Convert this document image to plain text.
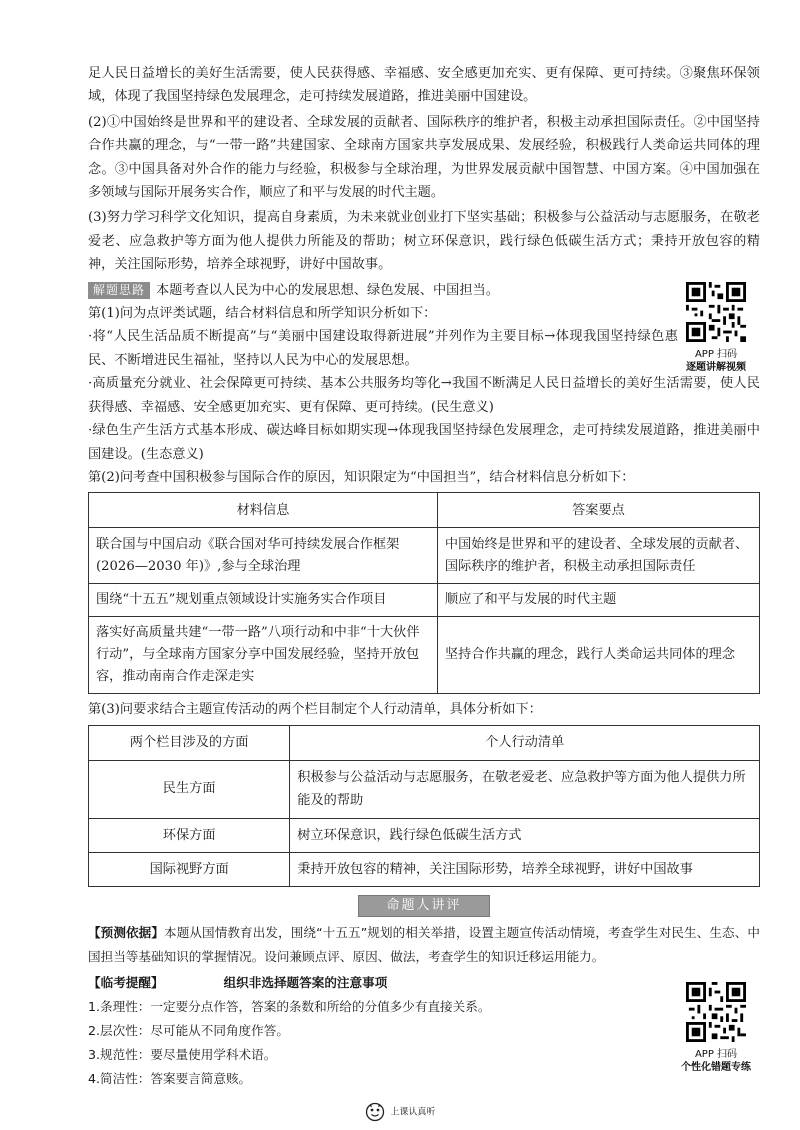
足人民日益增长的美好生活需要，使人民获得感、幸福感、安全感更加充实、更有保障、更可持续。③聚焦环保领域，体现了我国坚持绿色发展理念，走可持续发展道路，推进美丽中国建设。

(2)①中国始终是世界和平的建设者、全球发展的贡献者、国际秩序的维护者，积极主动承担国际责任。②中国坚持合作共赢的理念，与“一带一路”共建国家、全球南方国家共享发展成果、发展经验，积极践行人类命运共同体的理念。③中国具备对外合作的能力与经验，积极参与全球治理，为世界发展贡献中国智慧、中国方案。④中国加强在多领域与国际开展务实合作，顺应了和平与发展的时代主题。

(3)努力学习科学文化知识，提高自身素质，为未来就业创业打下坚实基础；积极参与公益活动与志愿服务，在敬老爱老、应急救护等方面为他人提供力所能及的帮助；树立环保意识，践行绿色低碳生活方式；秉持开放包容的精神，关注国际形势，培养全球视野，讲好中国故事。

解题思路 本题考查以人民为中心的发展思想、绿色发展、中国担当。

第(1)问为点评类试题，结合材料信息和所学知识分析如下：

·将“人民生活品质不断提高”与“美丽中国建设取得新进展”并列作为主要目标→体现我国坚持绿色惠民、不断增进民生福祉，坚持以人民为中心的发展思想。

·高质量充分就业、社会保障更可持续、基本公共服务均等化→我国不断满足人民日益增长的美好生活需要，使人民获得感、幸福感、安全感更加充实、更有保障、更可持续。(民生意义)

·绿色生产生活方式基本形成、碳达峰目标如期实现→体现我国坚持绿色发展理念，走可持续发展道路，推进美丽中国建设。(生态意义)

第(2)问考查中国积极参与国际合作的原因，知识限定为“中国担当”，结合材料信息分析如下：

材料信息	答案要点
联合国与中国启动《联合国对华可持续发展合作框架(2026—2030 年)》,参与全球治理	中国始终是世界和平的建设者、全球发展的贡献者、国际秩序的维护者，积极主动承担国际责任
围绕“十五五”规划重点领域设计实施务实合作项目	顺应了和平与发展的时代主题
落实好高质量共建“一带一路”八项行动和中非“十大伙伴行动”，与全球南方国家分享中国发展经验，坚持开放包容，推动南南合作走深走实	坚持合作共赢的理念，践行人类命运共同体的理念

第(3)问要求结合主题宣传活动的两个栏目制定个人行动清单，具体分析如下：

两个栏目涉及的方面	个人行动清单
民生方面	积极参与公益活动与志愿服务，在敬老爱老、应急救护等方面为他人提供力所能及的帮助
环保方面	树立环保意识，践行绿色低碳生活方式
国际视野方面	秉持开放包容的精神，关注国际形势，培养全球视野，讲好中国故事
命题人讲评

【预测依据】本题从国情教育出发，围绕“十五五”规划的相关举措，设置主题宣传活动情境，考查学生对民生、生态、中国担当等基础知识的掌握情况。设问兼顾点评、原因、做法，考查学生的知识迁移运用能力。

【临考提醒】	组织非选择题答案的注意事项

1.条理性：一定要分点作答，答案的条数和所给的分值多少有直接关系。

2.层次性：尽可能从不同角度作答。

3.规范性：要尽量使用学科术语。

4.简洁性：答案要言简意赅。

APP 扫码
逐题讲解视频
APP 扫码
个性化错题专练
上课认真听
